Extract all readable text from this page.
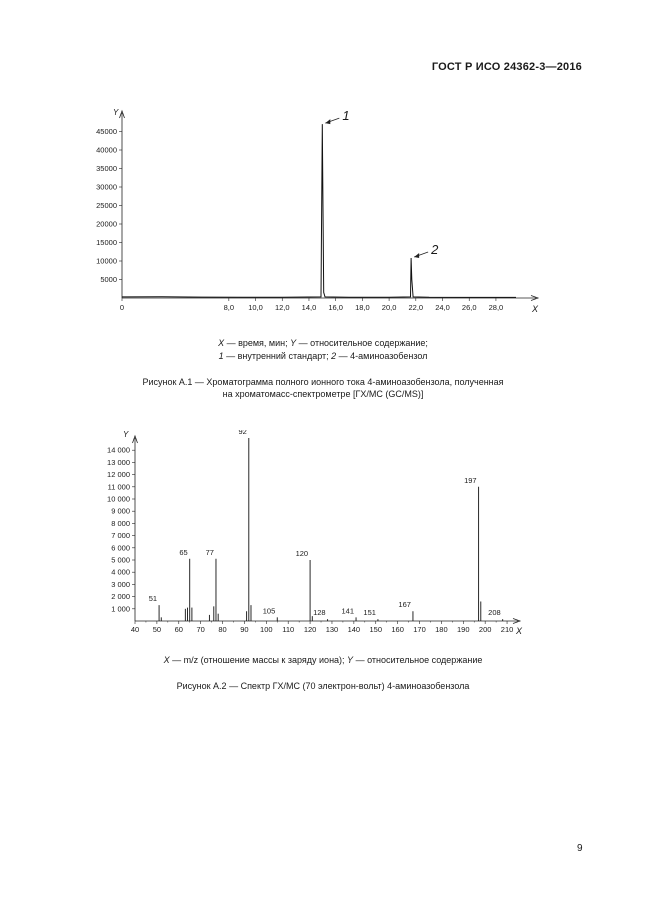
ГОСТ Р ИСО 24362-3—2016
X
Y
0	8,0 10,0 12,0 14,0 16,0 18,0 20,0 22,0 24,0 26,0 28,0
5000
10000
15000
20000
25000
30000
35000
40000
45000
1
2
X — время, мин; Y — относительное содержание;
1 — внутренний стандарт; 2 — 4-аминоазобензол
Рисунок А.1 — Хроматограмма полного ионного тока 4-аминоазобензола, полученная
на хроматомасс-спектрометре [ГХ/МС (GC/MS)]
X
Y
40 50 60 70 80 90 100 110 120 130 140 150 160 170 180 190 200 210
1 000
2 000
3 000
4 000
5 000
6 000
7 000
8 000
9 000
10 000
11 000
12 000
13 000
14 000
51
65 77
92
105
120
128 141 151
167
197
208
X — m/z (отношение массы к заряду иона); Y — относительное содержание
Рисунок А.2 — Спектр ГХ/МС (70 электрон-вольт) 4-аминоазобензола
9
